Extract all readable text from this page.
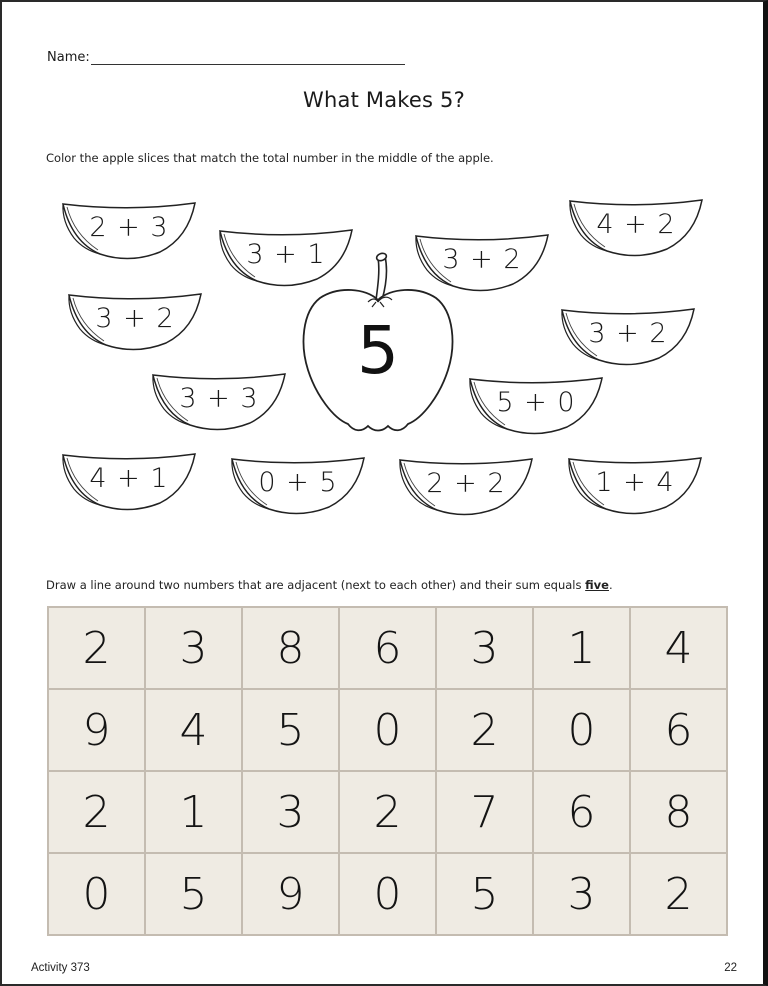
Name:
What Makes 5?
Color the apple slices that match the total number in the middle of the apple.
2 + 3
3 + 1	3 + 2
4 + 2
3 + 2	3 + 2
3 + 3	5 + 0
4 + 1	0 + 5	2 + 2	1 + 4
5
Draw a line around two numbers that are adjacent (next to each other) and their sum equals five.
2	3	8	6	3	1	4
9	4	5	0	2	0	6
2	1	3	2	7	6	8
0	5	9	0	5	3	2
Activity 373	22
